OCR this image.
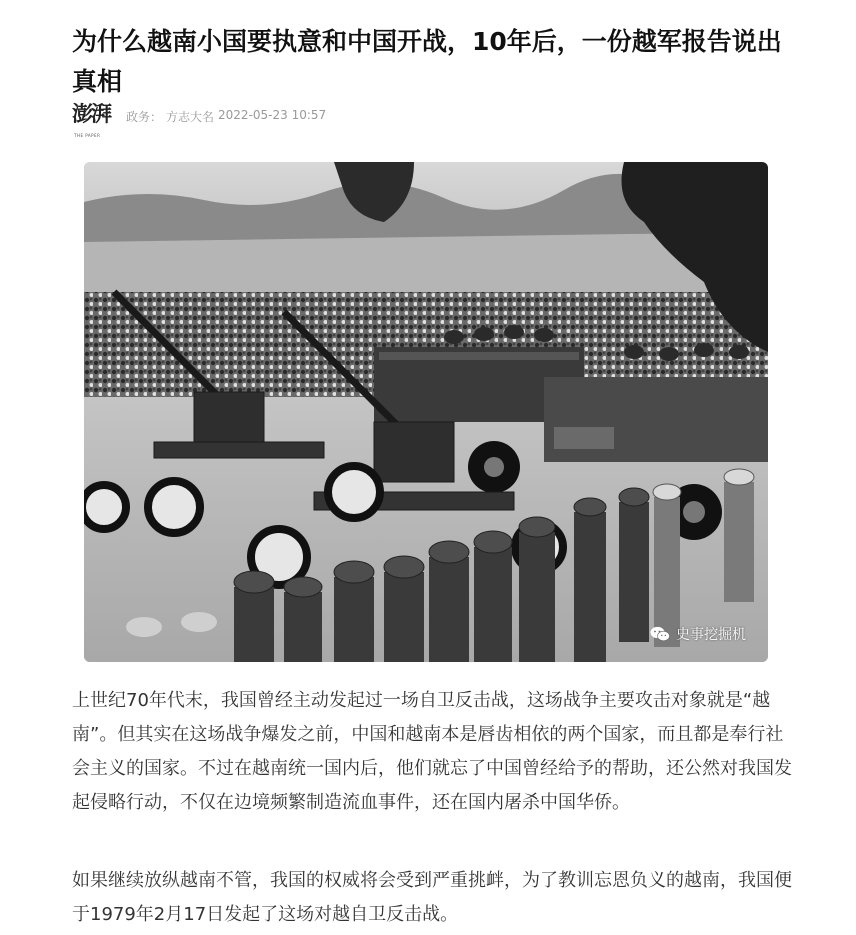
为什么越南小国要执意和中国开战，10年后，一份越军报告说出真相
澎湃
THE PAPER
政务： 方志大名 2022-05-23 10:57
史事挖掘机

上世纪70年代末，我国曾经主动发起过一场自卫反击战，这场战争主要攻击对象就是“越南”。但其实在这场战争爆发之前，中国和越南本是唇齿相依的两个国家，而且都是奉行社会主义的国家。不过在越南统一国内后，他们就忘了中国曾经给予的帮助，还公然对我国发起侵略行动，不仅在边境频繁制造流血事件，还在国内屠杀中国华侨。

如果继续放纵越南不管，我国的权威将会受到严重挑衅，为了教训忘恩负义的越南，我国便于1979年2月17日发起了这场对越自卫反击战。
